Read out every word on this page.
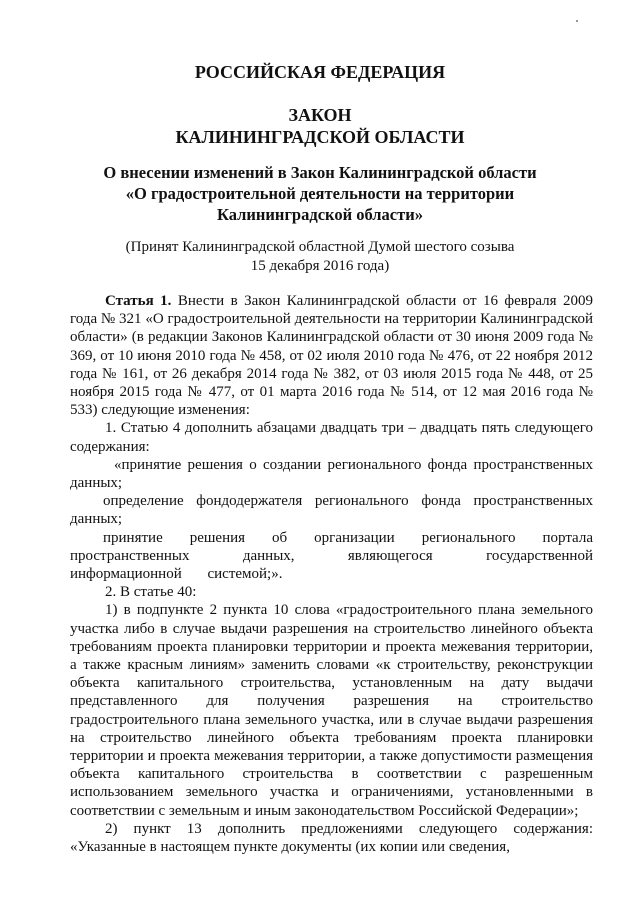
РОССИЙСКАЯ ФЕДЕРАЦИЯ
ЗАКОН
КАЛИНИНГРАДСКОЙ ОБЛАСТИ
О внесении изменений в Закон Калининградской области
«О градостроительной деятельности на территории
Калининградской области»
(Принят Калининградской областной Думой шестого созыва
15 декабря 2016 года)

Статья 1. Внести в Закон Калининградской области от 16 февраля 2009 года № 321 «О градостроительной деятельности на территории Калининградской области» (в редакции Законов Калининградской области от 30 июня 2009 года № 369, от 10 июня 2010 года № 458, от 02 июля 2010 года № 476, от 22 ноября 2012 года № 161, от 26 декабря 2014 года № 382, от 03 июля 2015 года № 448, от 25 ноября 2015 года № 477, от 01 марта 2016 года № 514, от 12 мая 2016 года № 533) следующие изменения:

1. Статью 4 дополнить абзацами двадцать три – двадцать пять следующего содержания:

«принятие решения о создании регионального фонда пространственных данных;

определение фондодержателя регионального фонда пространственных данных;

принятие решения об организации регионального портала пространственных данных, являющегося государственной информационной системой;».

2. В статье 40:

1) в подпункте 2 пункта 10 слова «градостроительного плана земельного участка либо в случае выдачи разрешения на строительство линейного объекта требованиям проекта планировки территории и проекта межевания территории, а также красным линиям» заменить словами «к строительству, реконструкции объекта капитального строительства, установленным на дату выдачи представленного для получения разрешения на строительство градостроительного плана земельного участка, или в случае выдачи разрешения на строительство линейного объекта требованиям проекта планировки территории и проекта межевания территории, а также допустимости размещения объекта капитального строительства в соответствии с разрешенным использованием земельного участка и ограничениями, установленными в соответствии с земельным и иным законодательством Российской Федерации»;

2) пункт 13 дополнить предложениями следующего содержания: «Указанные в настоящем пункте документы (их копии или сведения,
